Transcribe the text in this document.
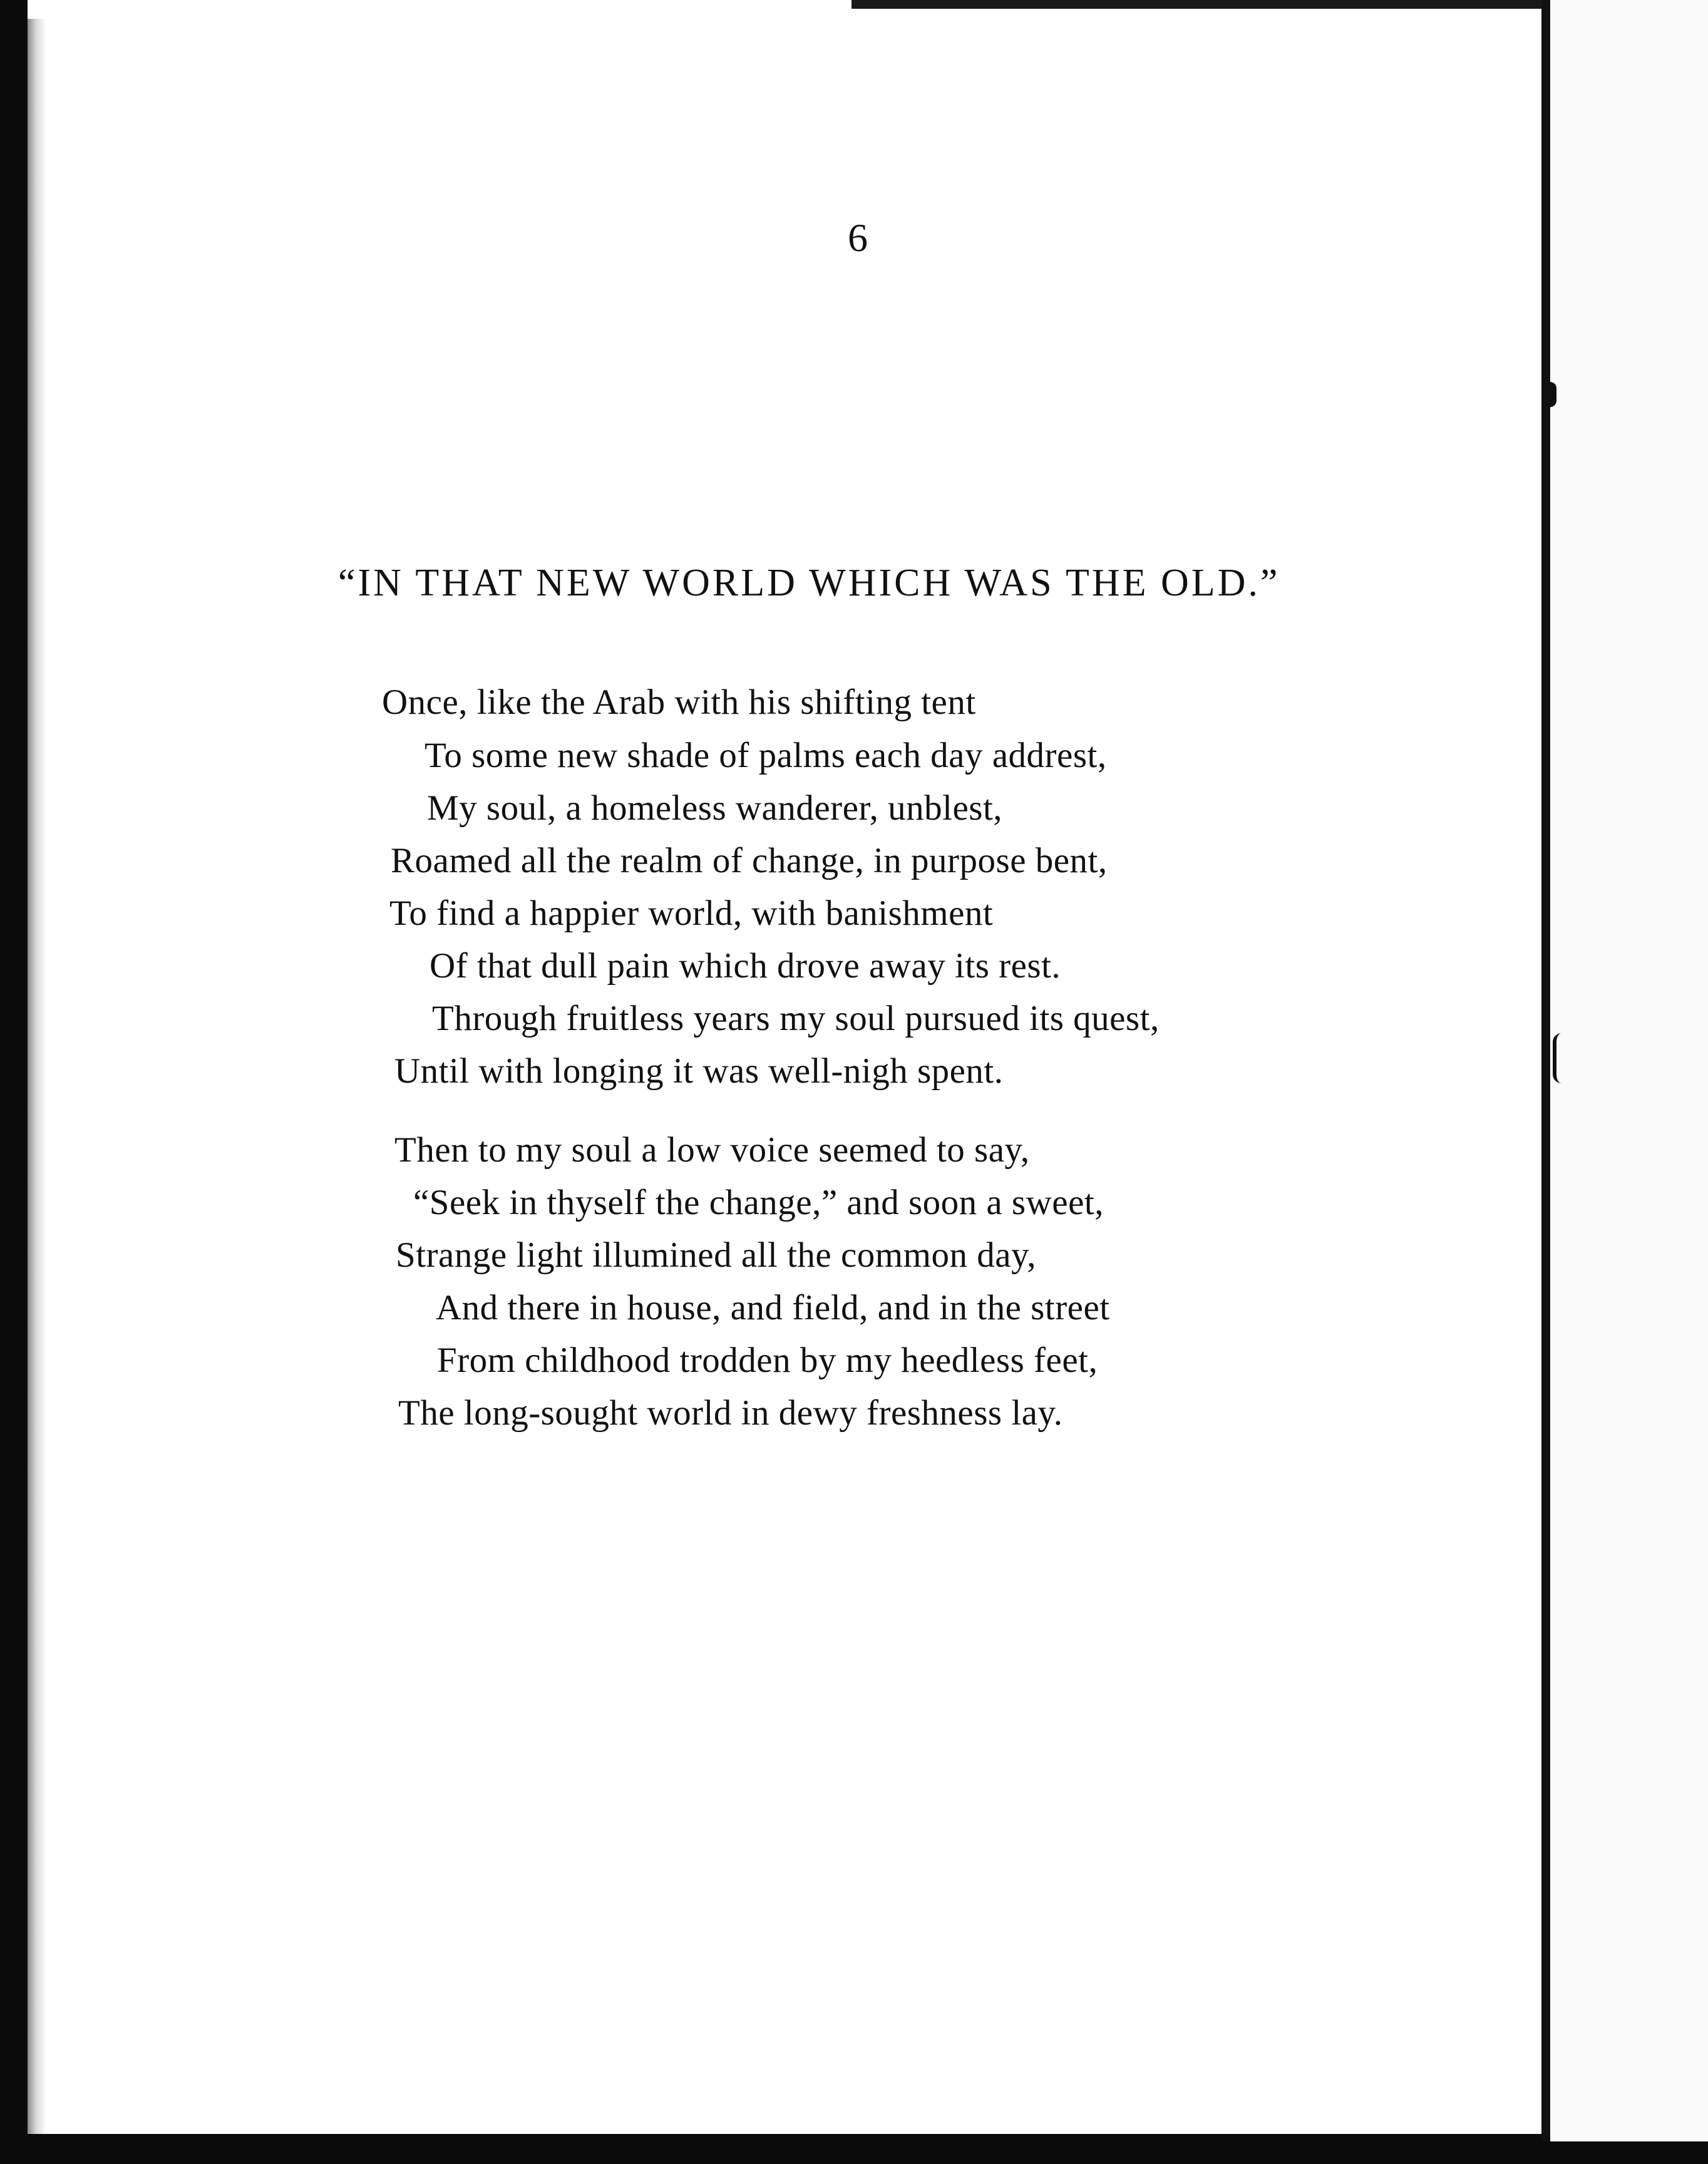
6
“IN THAT NEW WORLD WHICH WAS THE OLD.”
Once, like the Arab with his shifting tent
To some new shade of palms each day addrest,
My soul, a homeless wanderer, unblest,
Roamed all the realm of change, in purpose bent,
To find a happier world, with banishment
Of that dull pain which drove away its rest.
Through fruitless years my soul pursued its quest,
Until with longing it was well-nigh spent.
Then to my soul a low voice seemed to say,
“Seek in thyself the change,” and soon a sweet,
Strange light illumined all the common day,
And there in house, and field, and in the street
From childhood trodden by my heedless feet,
The long-sought world in dewy freshness lay.
